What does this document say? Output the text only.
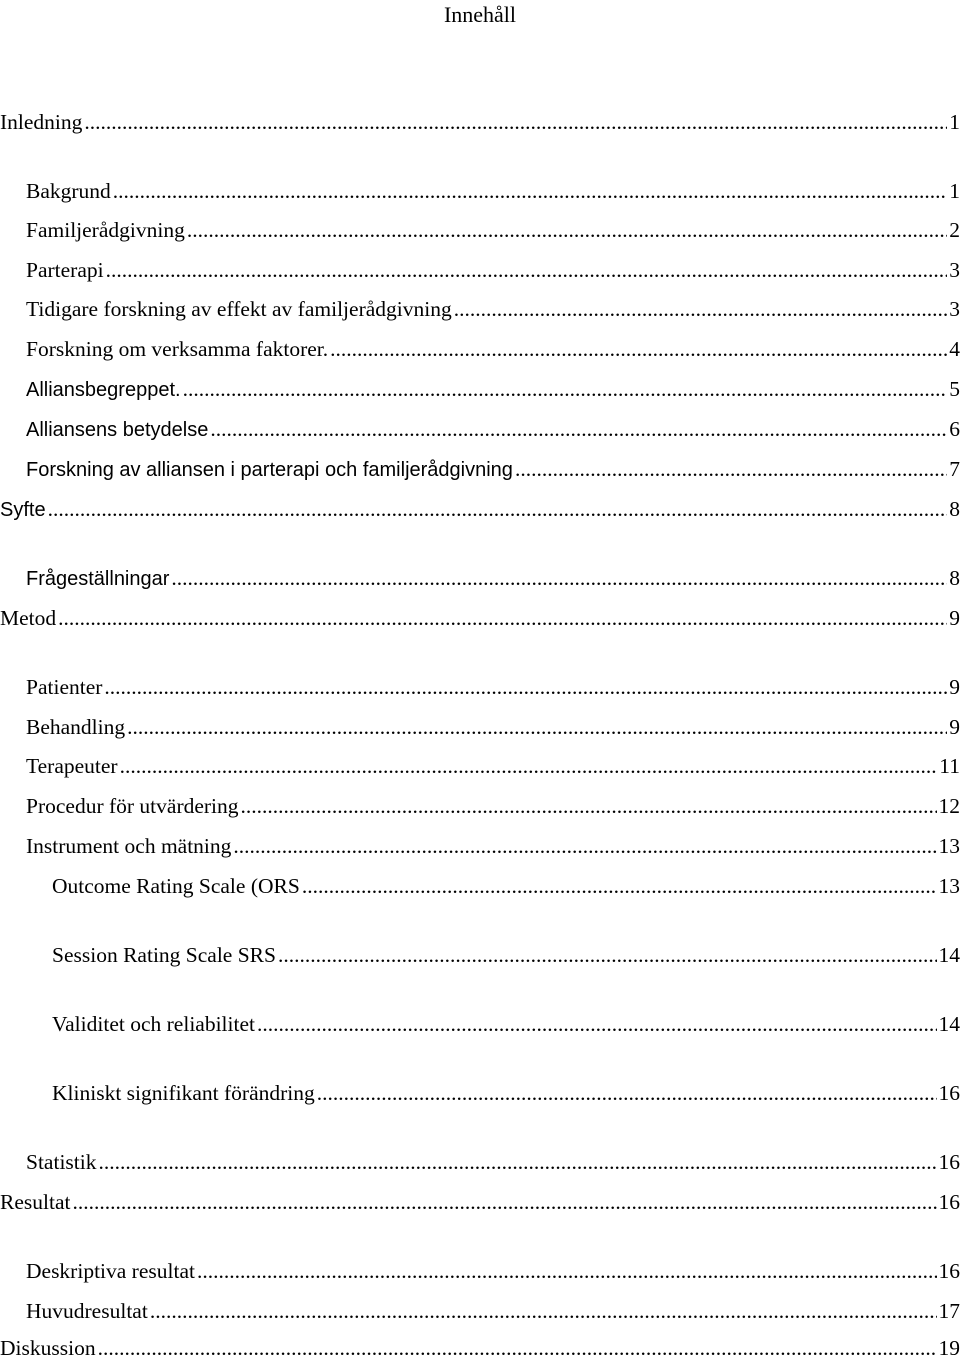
Innehåll
Inledning .....	1
Bakgrund .....	1
Familjerådgivning .....	2
Parterapi .....	3
Tidigare forskning av effekt av familjerådgivning .....	3
Forskning om verksamma faktorer. .....	4
Alliansbegreppet. .....	5
Alliansens betydelse .....	6
Forskning av alliansen i parterapi och familjerådgivning .....	7
Syfte .....	8
Frågeställningar .....	8
Metod .....	9
Patienter .....	9
Behandling .....	9
Terapeuter .....	11
Procedur för utvärdering .....	12
Instrument och mätning .....	13
Outcome Rating Scale (ORS .....	13
Session Rating Scale SRS .....	14
Validitet och reliabilitet .....	14
Kliniskt signifikant förändring .....	16
Statistik .....	16
Resultat .....	16
Deskriptiva resultat .....	16
Huvudresultat .....	17
Diskussion .....	19
